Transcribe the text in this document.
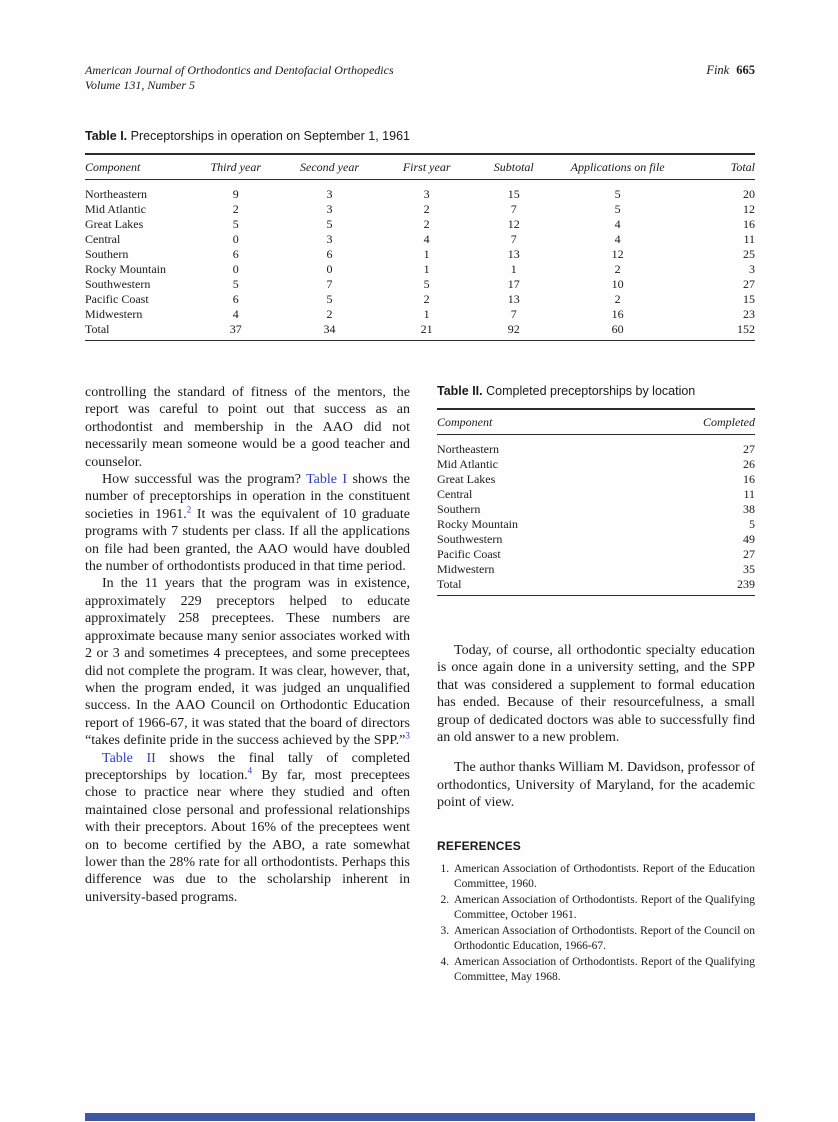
American Journal of Orthodontics and Dentofacial Orthopedics
Volume 131, Number 5
Fink 665
Table I. Preceptorships in operation on September 1, 1961
Component	Third year	Second year	First year	Subtotal	Applications on file	Total
Northeastern	9	3	3	15	5	20
Mid Atlantic	2	3	2	7	5	12
Great Lakes	5	5	2	12	4	16
Central	0	3	4	7	4	11
Southern	6	6	1	13	12	25
Rocky Mountain	0	0	1	1	2	3
Southwestern	5	7	5	17	10	27
Pacific Coast	6	5	2	13	2	15
Midwestern	4	2	1	7	16	23
Total	37	34	21	92	60	152

controlling the standard of fitness of the mentors, the report was careful to point out that success as an orthodontist and membership in the AAO did not necessarily mean someone would be a good teacher and counselor.

How successful was the program? Table I shows the number of preceptorships in operation in the constituent societies in 1961.$^2$ It was the equivalent of 10 graduate programs with 7 students per class. If all the applications on file had been granted, the AAO would have doubled the number of orthodontists produced in that time period.

In the 11 years that the program was in existence, approximately 229 preceptors helped to educate approximately 258 preceptees. These numbers are approximate because many senior associates worked with 2 or 3 and sometimes 4 preceptees, and some preceptees did not complete the program. It was clear, however, that, when the program ended, it was judged an unqualified success. In the AAO Council on Orthodontic Education report of 1966-67, it was stated that the board of directors “takes definite pride in the success achieved by the SPP.”$^3$

Table II shows the final tally of completed preceptorships by location.$^4$ By far, most preceptees chose to practice near where they studied and often maintained close personal and professional relationships with their preceptors. About 16% of the preceptees went on to become certified by the ABO, a rate somewhat lower than the 28% rate for all orthodontists. Perhaps this difference was due to the scholarship inherent in university-based programs.

Table II. Completed preceptorships by location
Component	Completed
Northeastern	27
Mid Atlantic	26
Great Lakes	16
Central	11
Southern	38
Rocky Mountain	5
Southwestern	49
Pacific Coast	27
Midwestern	35
Total	239

Today, of course, all orthodontic specialty education is once again done in a university setting, and the SPP that was considered a supplement to formal education has ended. Because of their resourcefulness, a small group of dedicated doctors was able to successfully find an old answer to a new problem.

The author thanks William M. Davidson, professor of orthodontics, University of Maryland, for the academic point of view.

REFERENCES
1. American Association of Orthodontists. Report of the Education Committee, 1960.
2. American Association of Orthodontists. Report of the Qualifying Committee, October 1961.
3. American Association of Orthodontists. Report of the Council on Orthodontic Education, 1966-67.
4. American Association of Orthodontists. Report of the Qualifying Committee, May 1968.
